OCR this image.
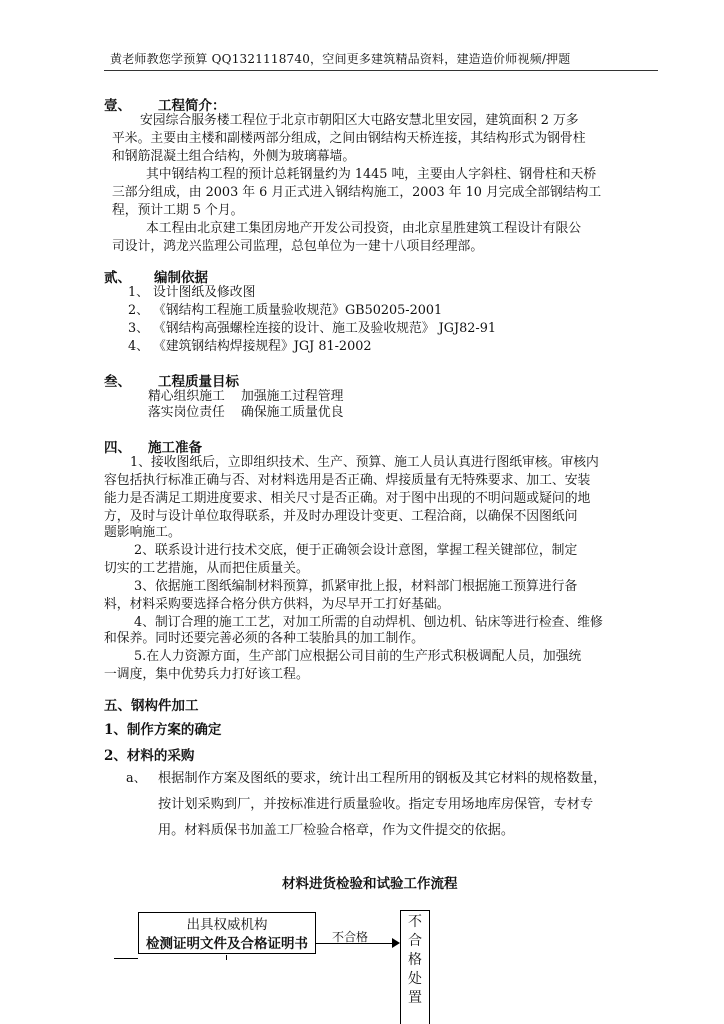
黄老师教您学预算 QQ1321118740，空间更多建筑精品资料，建造造价师视频/押题
壹、 工程简介：
安园综合服务楼工程位于北京市朝阳区大屯路安慧北里安园，建筑面积 2 万多
平米。主要由主楼和副楼两部分组成，之间由钢结构天桥连接，其结构形式为钢骨柱
和钢筋混凝土组合结构，外侧为玻璃幕墙。
其中钢结构工程的预计总耗钢量约为 1445 吨，主要由人字斜柱、钢骨柱和天桥
三部分组成，由 2003 年 6 月正式进入钢结构施工，2003 年 10 月完成全部钢结构工
程，预计工期 5 个月。
本工程由北京建工集团房地产开发公司投资，由北京星胜建筑工程设计有限公
司设计，鸿龙兴监理公司监理，总包单位为一建十八项目经理部。
贰、 编制依据
1、 设计图纸及修改图
2、 《钢结构工程施工质量验收规范》GB50205-2001
3、 《钢结构高强螺栓连接的设计、施工及验收规范》 JGJ82-91
4、 《建筑钢结构焊接规程》JGJ 81-2002
叁、 工程质量目标
精心组织施工    加强施工过程管理
落实岗位责任    确保施工质量优良
四、 施工准备
1、接收图纸后，立即组织技术、生产、预算、施工人员认真进行图纸审核。审核内
容包括执行标准正确与否、对材料选用是否正确、焊接质量有无特殊要求、加工、安装
能力是否满足工期进度要求、相关尺寸是否正确。对于图中出现的不明问题或疑问的地
方，及时与设计单位取得联系，并及时办理设计变更、工程洽商，以确保不因图纸问
题影响施工。
2、联系设计进行技术交底，便于正确领会设计意图，掌握工程关键部位，制定
切实的工艺措施，从而把住质量关。
3、依据施工图纸编制材料预算，抓紧审批上报，材料部门根据施工预算进行备
料，材料采购要选择合格分供方供料，为尽早开工打好基础。
4、制订合理的施工工艺，对加工所需的自动焊机、刨边机、钻床等进行检查、维修
和保养。同时还要完善必须的各种工装胎具的加工制作。
5.在人力资源方面，生产部门应根据公司目前的生产形式积极调配人员，加强统
一调度，集中优势兵力打好该工程。
五、钢构件加工
1、制作方案的确定
2、材料的采购
a、 根据制作方案及图纸的要求，统计出工程所用的钢板及其它材料的规格数量，
按计划采购到厂，并按标准进行质量验收。指定专用场地库房保管，专材专
用。材料质保书加盖工厂检验合格章，作为文件提交的依据。
材料进货检验和试验工作流程
出具权威机构
检测证明文件及合格证明书	不合格
不合格处置
